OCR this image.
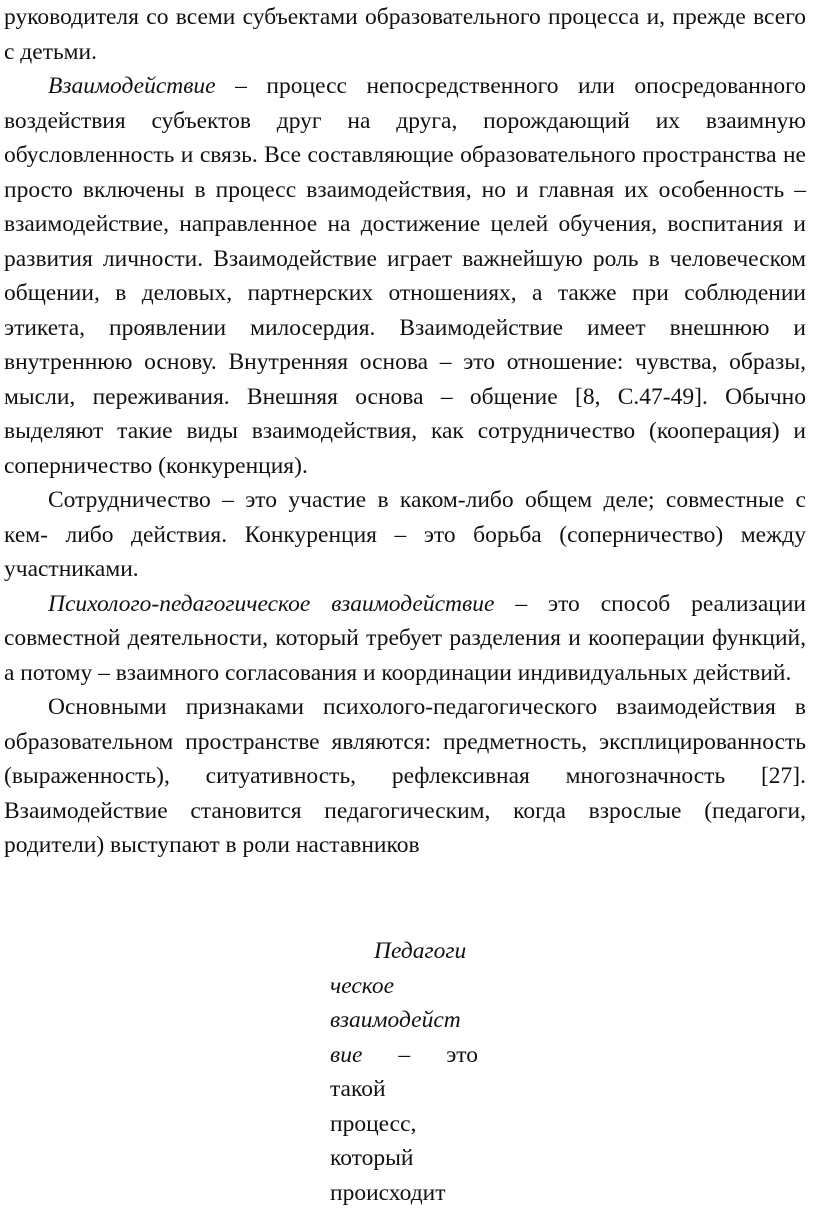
руководителя со всеми субъектами образовательного процесса и, прежде всего с детьми.

Взаимодействие – процесс непосредственного или опосредованного воздействия субъектов друг на друга, порождающий их взаимную обусловленность и связь. Все составляющие образовательного пространства не просто включены в процесс взаимодействия, но и главная их особенность – взаимодействие, направленное на достижение целей обучения, воспитания и развития личности. Взаимодействие играет важнейшую роль в человеческом общении, в деловых, партнерских отношениях, а также при соблюдении этикета, проявлении милосердия. Взаимодействие имеет внешнюю и внутреннюю основу. Внутренняя основа – это отношение: чувства, образы, мысли, переживания. Внешняя основа – общение [8, С.47-49]. Обычно выделяют такие виды взаимодействия, как сотрудничество (кооперация) и соперничество (конкуренция).

Сотрудничество – это участие в каком-либо общем деле; совместные с кем- либо действия. Конкуренция – это борьба (соперничество) между участниками.

Психолого-педагогическое взаимодействие – это способ реализации совместной деятельности, который требует разделения и кооперации функций, а потому – взаимного согласования и координации индивидуальных действий.

Основными признаками психолого-педагогического взаимодействия в образовательном пространстве являются: предметность, эксплицированность (выраженность), ситуативность, рефлексивная многозначность [27]. Взаимодействие становится педагогическим, когда взрослые (педагоги, родители) выступают в роли наставников

Педагоги
ческое
взаимодейст
вие – это
такой
процесс,
который
происходит
